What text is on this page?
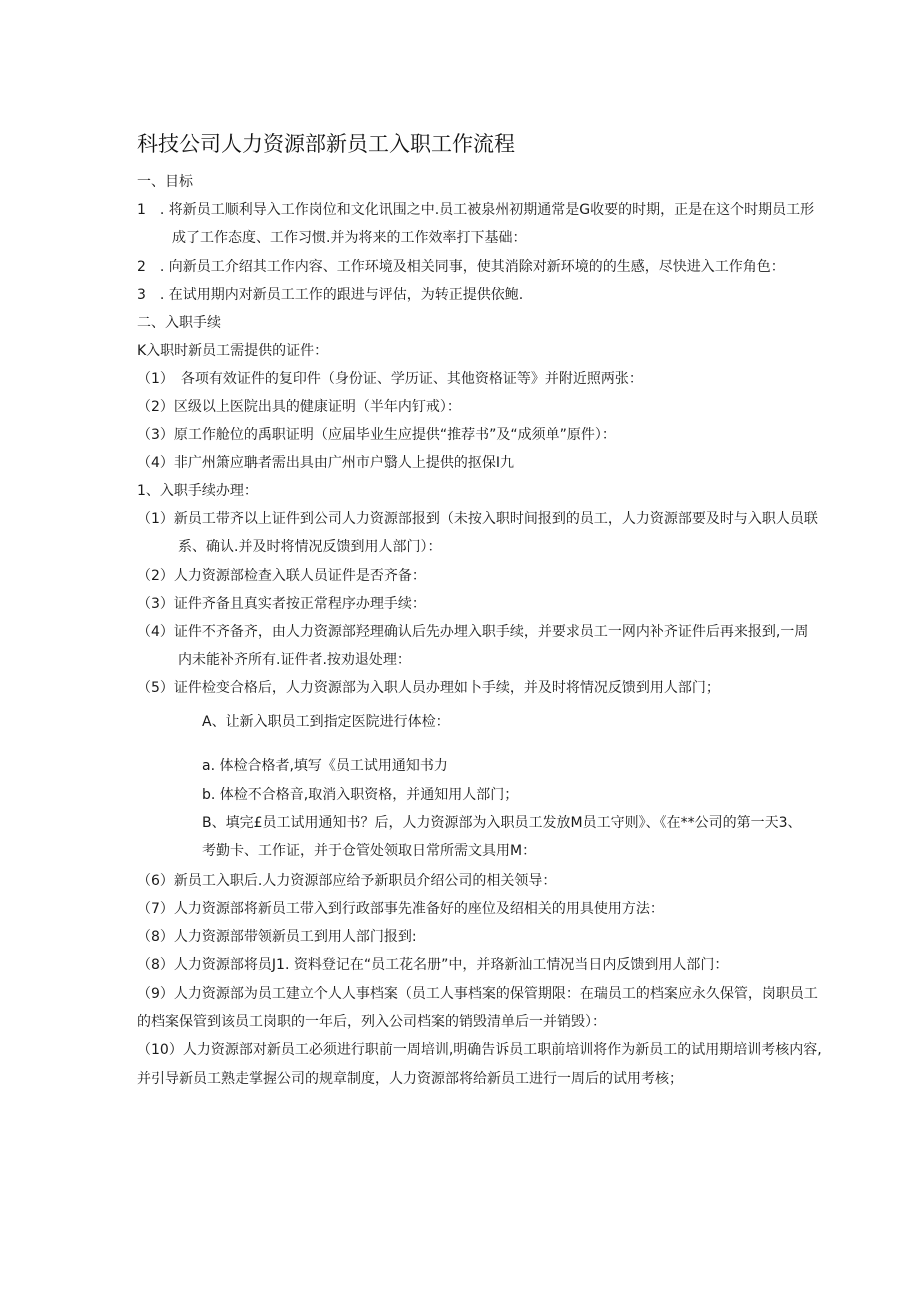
科技公司人力资源部新员工入职工作流程
一、目标
1　. 将新员工顺利导入工作岗位和文化讯围之中.员工被泉州初期通常是G收要的时期，正是在这个时期员工形
成了工作态度、工作习惯.并为将来的工作效率打下基础：
2　. 向新员工介绍其工作内容、工作环境及相关同事，使其消除对新环境的的生感，尽快进入工作角色：
3　. 在试用期内对新员工工作的跟进与评估，为转正提供依鲍.
二、入职手续
K入职时新员工需提供的证件：
（1）　各项有效证件的复印件（身份证、学历证、其他资格证等》并附近照两张：
（2）区级以上医院出具的健康证明（半年内钉戒）：
（3）原工作舱位的禹职证明（应届毕业生应提供“推荐书”及“成须单”原件）：
（4）非广州箫应聃者需出具由广州市户翳人上提供的抠保I九
1、入职手续办理：
（1）新员工带齐以上证件到公司人力资源部报到（未按入职时间报到的员工，人力资源部要及时与入职人员联
系、确认.并及时将情况反馈到用人部门）：
（2）人力资源部检查入联人员证件是否齐备：
（3）证件齐备且真实者按正常程序办理手续：
（4）证件不齐备齐，由人力资源部羟理确认后先办埋入职手续，并要求员工一网内补齐证件后再来报到,一周
内未能补齐所有.证件者.按劝退处理：
（5）证件检变合格后，人力资源部为入职人员办理如卜手续，并及时将情况反馈到用人部门；
A、让新入职员工到指定医院进行体检：
a. 体检合格者,填写《员工试用通知书力
b. 体检不合格音,取消入职资格，并通知用人部门；
B、填完£员工试用通知书？后，人力资源部为入职员工发放M员工守则》、《在**公司的第一天3、
考勤卡、工作证，并于仓管处领取日常所需文具用M：
（6）新员工入职后.人力资源部应给予新职员介绍公司的相关领导：
（7）人力资源部将新员工带入到行政部事先准备好的座位及绍相关的用具使用方法：
（8）人力资源部带领新员工到用人部门报到:
（8）人力资源部将员J1. 资料登记在“员工花名册”中，并珞新汕工情况当日内反馈到用人部门：
（9）人力资源部为员工建立个人人事档案（员工人事档案的保管期限：在瑞员工的档案应永久保管，岗职员工
的档案保管到该员工岗职的一年后，列入公司档案的销毁清单后一并销毁）：
（10）人力资源部对新员工必须进行职前一周培训,明确告诉员工职前培训将作为新员工的试用期培训考核内容,
并引导新员工熟走掌握公司的规章制度，人力资源部将给新员工进行一周后的试用考核；
